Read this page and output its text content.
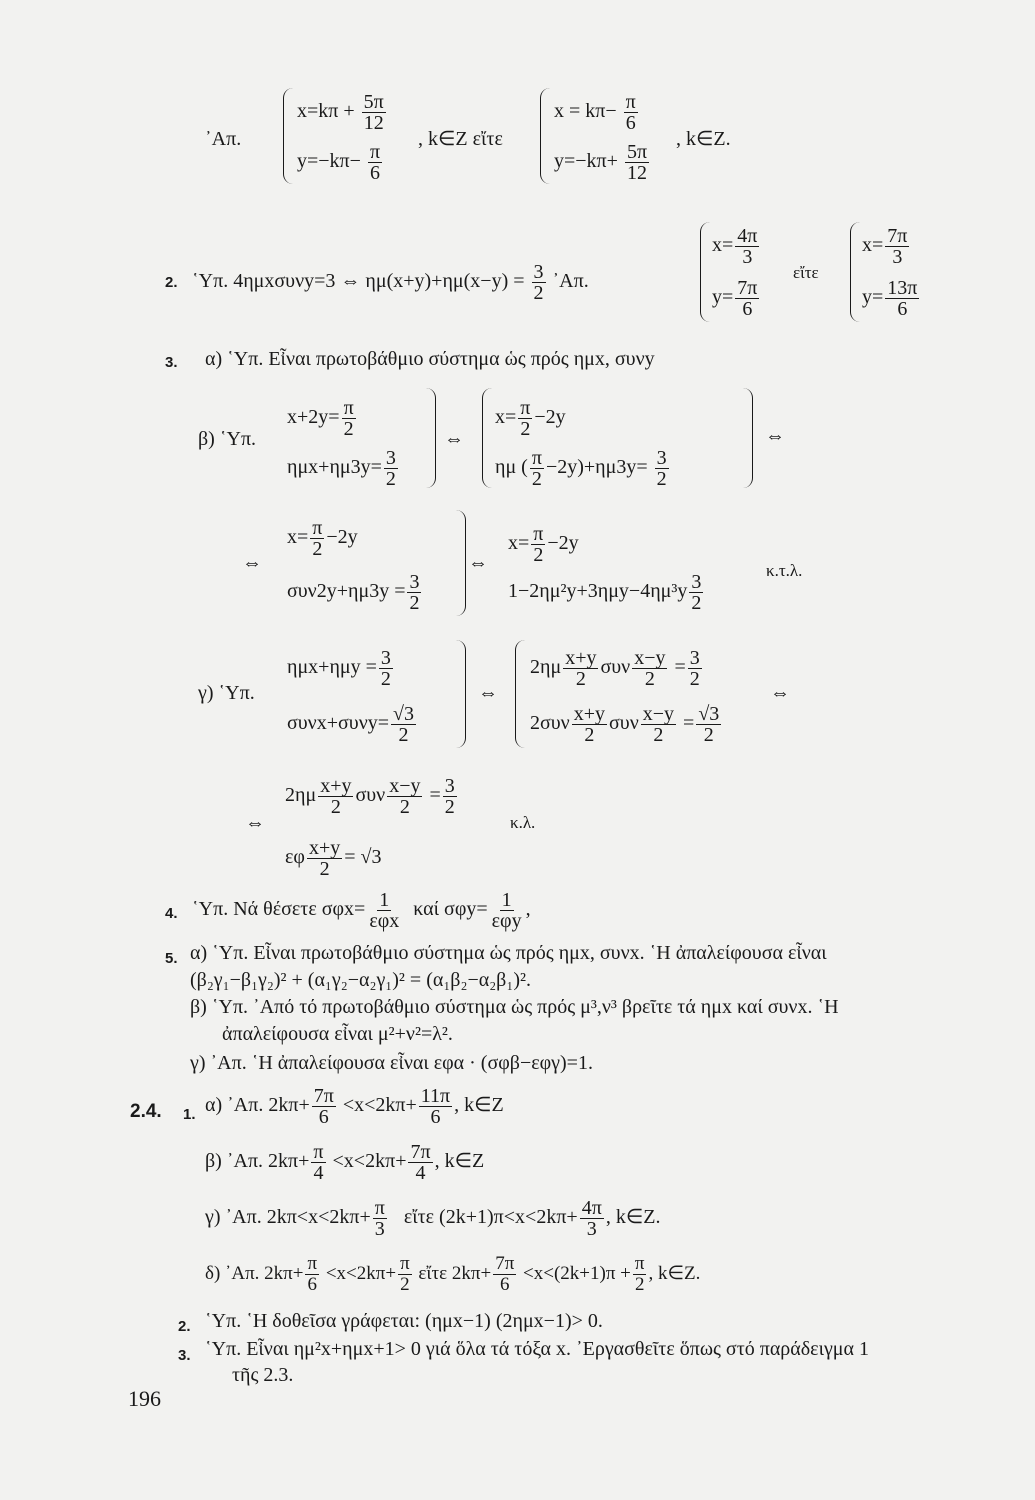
᾿Απ.
$x=k\pi + \frac{5\pi}{12}$
$y=-k\pi- \frac{\pi}{6}$
, k∈Z εἴτε
$x = k\pi- \frac{\pi}{6}$
$y=-k\pi+ \frac{5\pi}{12}$
, k∈Z.
2. ῾Υπ. 4ημxσυνy=3 ⇔ $\eta\mu(x+y)+\eta\mu(x-y) = \frac{3}{2}$ ᾿Απ.
$x= \frac{4\pi}{3}$
$y= \frac{7\pi}{6}$
εἴτε
$x= \frac{7\pi}{3}$
$y= \frac{13\pi}{6}$
3. α) ῾Υπ. Εἶναι πρωτοβάθμιο σύστημα ὡς πρός ημx, συνy
β) ῾Υπ.
$x+2y= \frac{\pi}{2}$
$\eta\mu x+\eta\mu 3y= \frac{3}{2}$
⇔
$x= \frac{\pi}{2} -2y$
ημ ( $\frac{\pi}{2} -2y)+\eta\mu 3y= \frac{3}{2}$
⇔
⇔
$x= \frac{\pi}{2} -2y$
$\sigma\upsilon\nu 2y+\eta\mu 3y = \frac{3}{2}$
⇔
$x= \frac{\pi}{2} -2y$
$1-2\eta\mu^2y+3\eta\mu y-4\eta\mu^3y \frac{3}{2}$
κ.τ.λ.
γ) ῾Υπ.
$\eta\mu x+\eta\mu y = \frac{3}{2}$
$\sigma\upsilon\nu x+\sigma\upsilon\nu y= \frac{√3}{2}$
⇔
$2\eta\mu \frac{x+y}{2}$ συν $\frac{x-y}{2} = \frac{3}{2}$
$2\sigma\upsilon\nu \frac{x+y}{2}$ συν $\frac{x-y}{2} = \frac{√3}{2}$
⇔
⇔
$2\eta\mu \frac{x+y}{2}$ συν $\frac{x-y}{2} = \frac{3}{2}$
εφ $\frac{x+y}{2} = √3$
κ.λ.
4. ῾Υπ. Νά θέσετε $\sigma\varphi x= \frac{1}{\text{εφx}}$ καί $\sigma\varphi y= \frac{1}{\text{εφy}}$ ,
5. α) ῾Υπ. Εἶναι πρωτοβάθμιο σύστημα ὡς πρός ημx, συνx. ῾Η ἀπαλείφουσα εἶναι
(β₂γ₁−β₁γ₂)² + (α₁γ₂−α₂γ₁)² = (α₁β₂−α₂β₁)².
β) ῾Υπ. ᾿Από τό πρωτοβάθμιο σύστημα ὡς πρός μ³,ν³ βρεῖτε τά ημx καί συνx. ῾Η
ἀπαλείφουσα εἶναι μ²+ν²=λ².
γ) ᾿Απ. ῾Η ἀπαλείφουσα εἶναι εφα · (σφβ−εφγ)=1.
2.4. 1. α) ᾿Απ. $2k\pi+ \frac{7\pi}{6} <x<2k\pi+ \frac{11\pi}{6}$ , k∈Z
β) ᾿Απ. $2k\pi+ \frac{\pi}{4} <x<2k\pi+ \frac{7\pi}{4}$ , k∈Z
γ) ᾿Απ. $2k\pi<x<2k\pi+ \frac{\pi}{3}$ εἴτε $(2k+1)\pi<x<2k\pi+ \frac{4\pi}{3}$ , k∈Z.
δ) ᾿Απ. $2k\pi+ \frac{\pi}{6} <x<2k\pi+ \frac{\pi}{2}$ εἴτε $2k\pi+ \frac{7\pi}{6} <x<(2k+1)\pi + \frac{\pi}{2}$ , k∈Z.
2. ῾Υπ. ῾Η δοθεῖσα γράφεται: (ημx−1) (2ημx−1)> 0.
3. ῾Υπ. Εἶναι ημ²x+ημx+1> 0 γιά ὅλα τά τόξα x. ᾿Εργασθεῖτε ὅπως στό παράδειγμα 1
τῆς 2.3.
196
